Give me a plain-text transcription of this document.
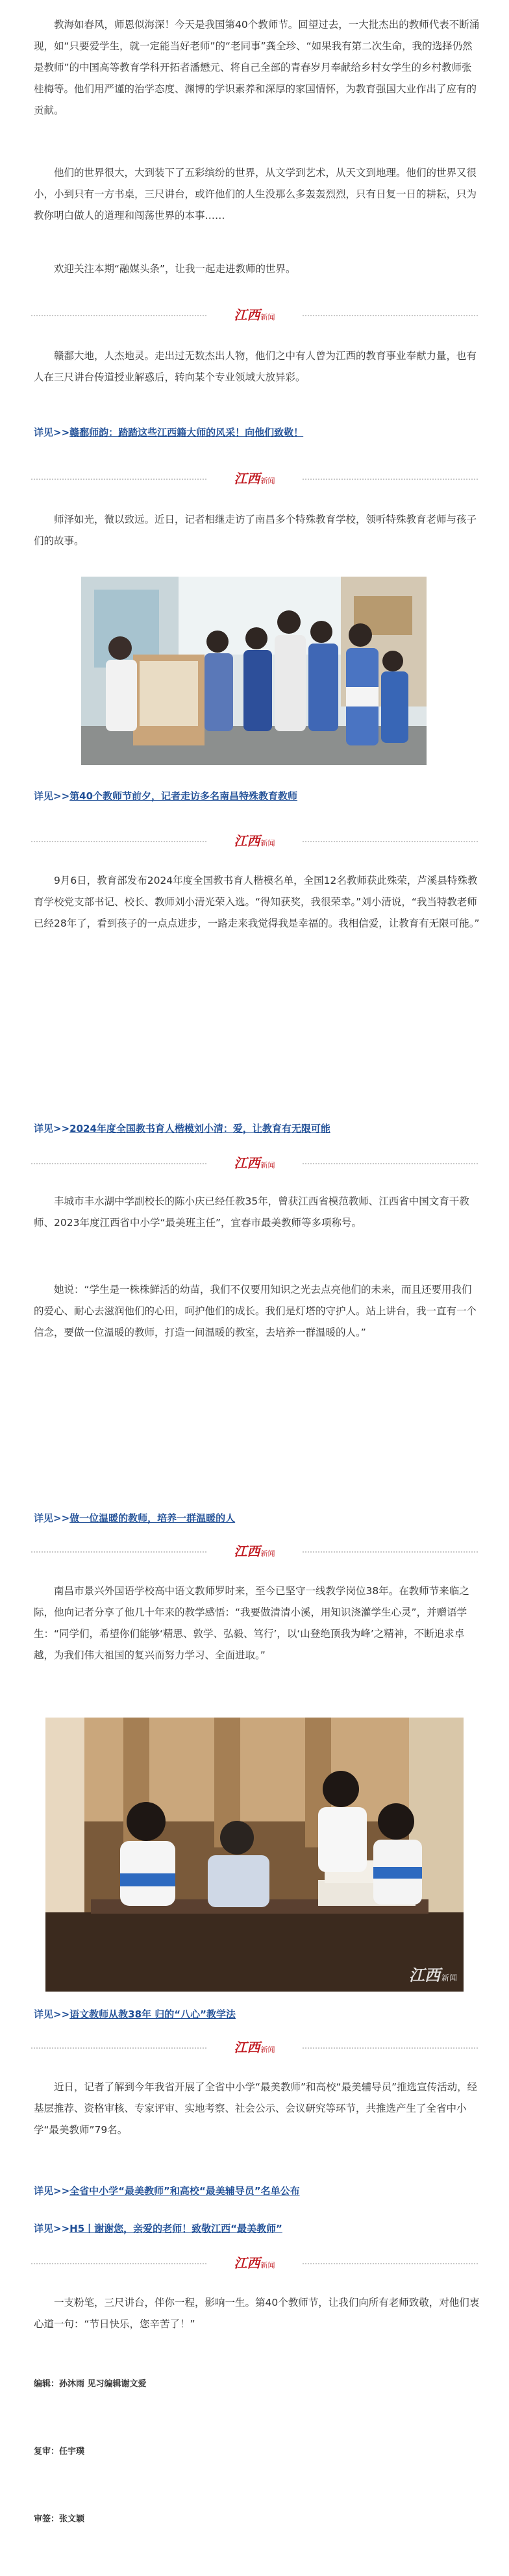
教海如春风，师恩似海深！今天是我国第40个教师节。回望过去，一大批杰出的教师代表不断涌现，如“只要爱学生，就一定能当好老师”的“老同事”龚全珍、“如果我有第二次生命，我的选择仍然是教师”的中国高等教育学科开拓者潘懋元、将自己全部的青春岁月奉献给乡村女学生的乡村教师张桂梅等。他们用严谨的治学态度、渊博的学识素养和深厚的家国情怀，为教育强国大业作出了应有的贡献。

他们的世界很大，大到装下了五彩缤纷的世界，从文学到艺术，从天文到地理。他们的世界又很小，小到只有一方书桌，三尺讲台，或许他们的人生没那么多轰轰烈烈，只有日复一日的耕耘，只为教你明白做人的道理和闯荡世界的本事……

欢迎关注本期“融媒头条”，让我一起走进教师的世界。

江西新闻

赣鄱大地，人杰地灵。走出过无数杰出人物，他们之中有人曾为江西的教育事业奉献力量，也有人在三尺讲台传道授业解惑后，转向某个专业领域大放异彩。

详见>>赣鄱师韵：踏踏这些江西籍大师的风采！向他们致敬！

江西新闻

师泽如光，微以致远。近日，记者相继走访了南昌多个特殊教育学校，领听特殊教育老师与孩子们的故事。

详见>>第40个教师节前夕，记者走访多名南昌特殊教育教师

江西新闻

9月6日，教育部发布2024年度全国教书育人楷模名单，全国12名教师获此殊荣，芦溪县特殊教育学校党支部书记、校长、教师刘小清光荣入选。“得知获奖，我很荣幸。”刘小清说，“我当特教老师已经28年了，看到孩子的一点点进步，一路走来我觉得我是幸福的。我相信爱，让教育有无限可能。”

详见>>2024年度全国教书育人楷模刘小清：爱，让教育有无限可能

江西新闻

丰城市丰水湖中学副校长的陈小庆已经任教35年，曾获江西省模范教师、江西省中国文育干教师、2023年度江西省中小学“最美班主任”，宜春市最美教师等多项称号。

她说：“学生是一株株鲜活的幼苗，我们不仅要用知识之光去点亮他们的未来，而且还要用我们的爱心、耐心去滋润他们的心田，呵护他们的成长。我们是灯塔的守护人。站上讲台，我一直有一个信念，要做一位温暖的教师，打造一间温暖的教室，去培养一群温暖的人。”

详见>>做一位温暖的教师，培养一群温暖的人

江西新闻

南昌市景兴外国语学校高中语文教师罗时来，至今已坚守一线教学岗位38年。在教师节来临之际，他向记者分享了他几十年来的教学感悟：“我要做清清小溪，用知识浇灌学生心灵”，并赠语学生：“同学们，希望你们能够‘精思、敦学、弘毅、笃行’，以‘山登绝顶我为峰’之精神，不断追求卓越，为我们伟大祖国的复兴而努力学习、全面进取。”

江西 新闻

详见>>语文教师从教38年 归的“八心”教学法

江西新闻

近日，记者了解到今年我省开展了全省中小学“最美教师”和高校“最美辅导员”推选宣传活动，经基层推荐、资格审核、专家评审、实地考察、社会公示、会议研究等环节，共推选产生了全省中小学“最美教师”79名。

详见>>全省中小学“最美教师”和高校“最美辅导员”名单公布

详见>>H5丨谢谢您，亲爱的老师！致敬江西“最美教师”

江西新闻

一支粉笔，三尺讲台，伴你一程，影响一生。第40个教师节，让我们向所有老师致敬，对他们衷心道一句：“节日快乐，您辛苦了！”

编辑：孙沐雨 见习编辑谢文爱

复审：任宇璞

审签：张文颖
